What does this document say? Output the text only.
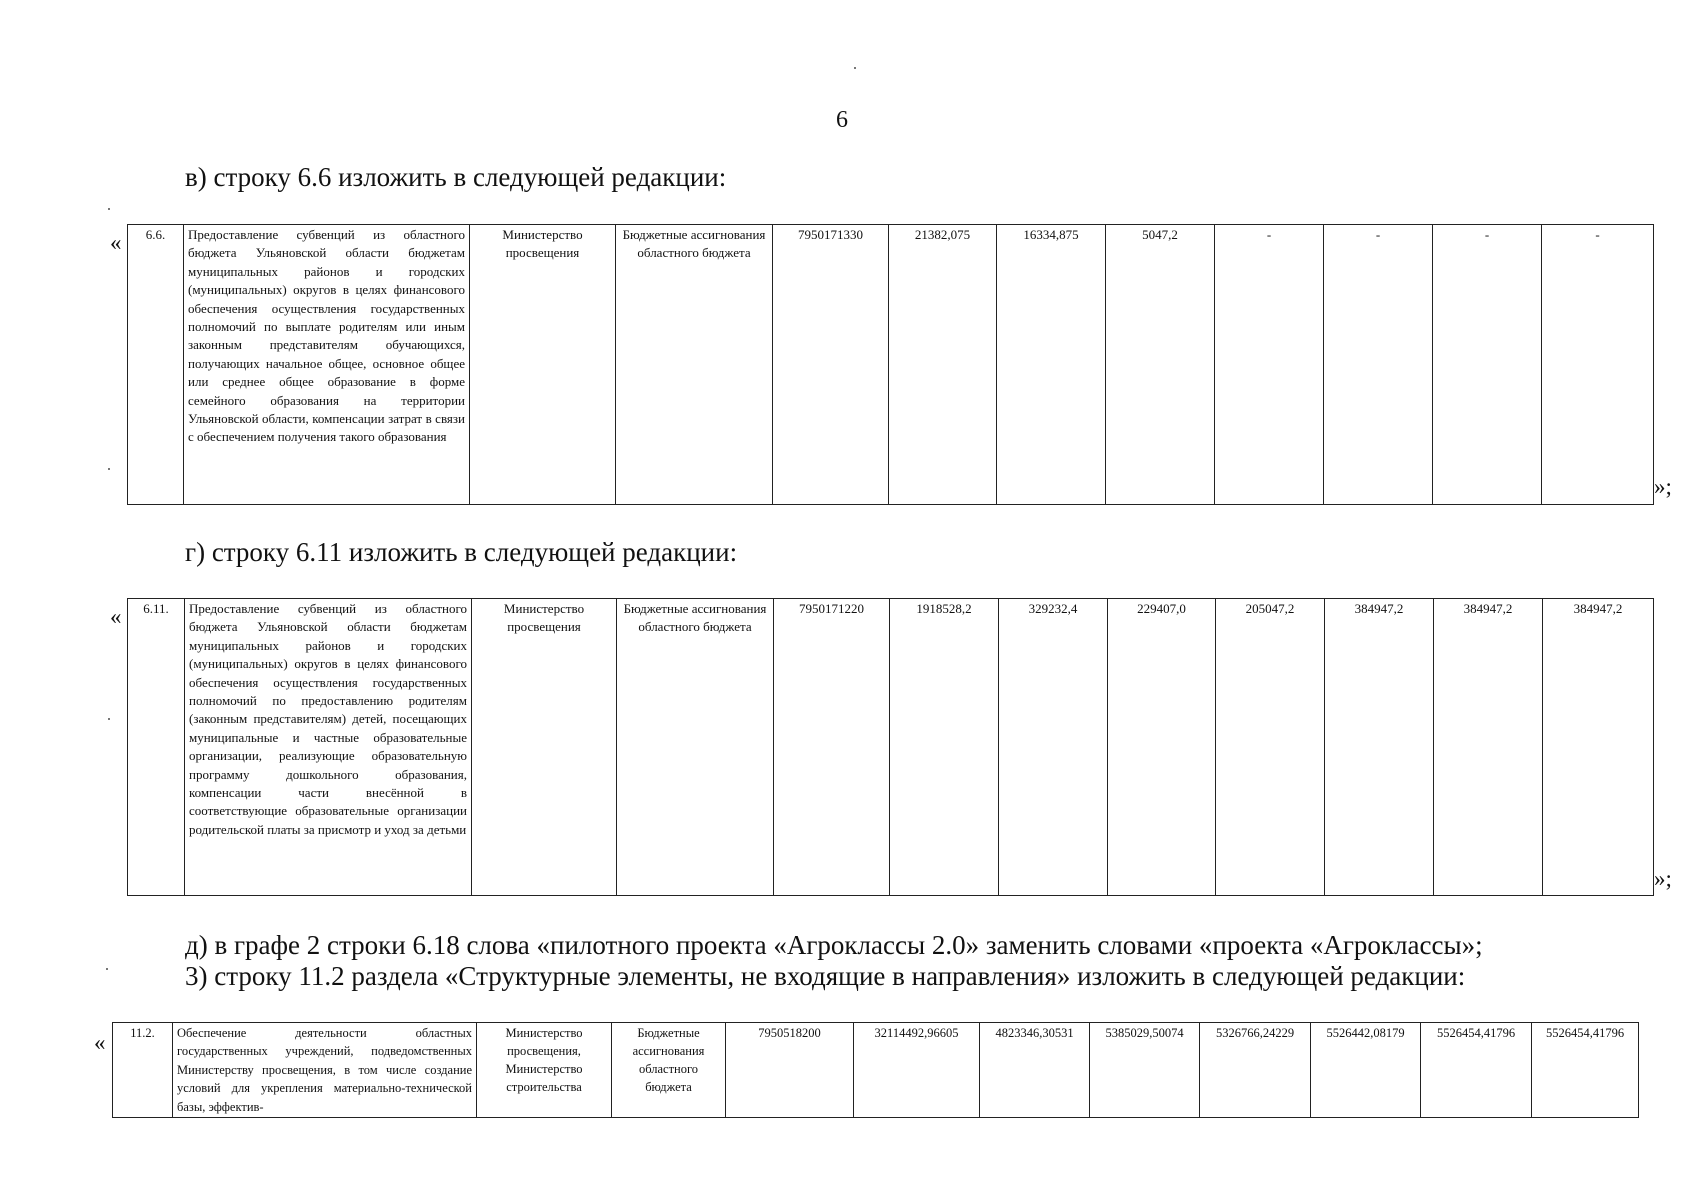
6
в) строку 6.6 изложить в следующей редакции:
« 6.6.	Предоставление субвенций из областного бюджета Ульяновской области бюджетам муниципальных районов и городских (муниципальных) округов в целях финансового обеспечения осуществления государственных полномочий по выплате родителям или иным законным представителям обучающихся, получающих начальное общее, основное общее или среднее общее образование в форме семейного образования на территории Ульяновской области, компенсации затрат в связи с обеспечением получения такого образования	Министерство просвещения	Бюджетные ассигнования областного бюджета	7950171330	21382,075	16334,875	5047,2	-	-	-	-
»;
г) строку 6.11 изложить в следующей редакции:
« 6.11.	Предоставление субвенций из областного бюджета Ульяновской области бюджетам муниципальных районов и городских (муниципальных) округов в целях финансового обеспечения осуществления государственных полномочий по предоставлению родителям (законным представителям) детей, посещающих муниципальные и частные образовательные организации, реализующие образовательную программу дошкольного образования, компенсации части внесённой в соответствующие образовательные организации родительской платы за присмотр и уход за детьми	Министерство просвещения	Бюджетные ассигнования областного бюджета	7950171220	1918528,2	329232,4	229407,0	205047,2	384947,2	384947,2	384947,2
»;
д) в графе 2 строки 6.18 слова «пилотного проекта «Агроклассы 2.0» заменить словами «проекта «Агроклассы»;
3) строку 11.2 раздела «Структурные элементы, не входящие в направления» изложить в следующей редакции:
« 11.2.	Обеспечение деятельности областных государственных учреждений, подведомственных Министерству просвещения, в том числе создание условий для укрепления материально-технической базы, эффектив-	Министерство просвещения, Министерство строительства	Бюджетные ассигнования областного бюджета	7950518200	32114492,96605	4823346,30531	5385029,50074	5326766,24229	5526442,08179	5526454,41796	5526454,41796
